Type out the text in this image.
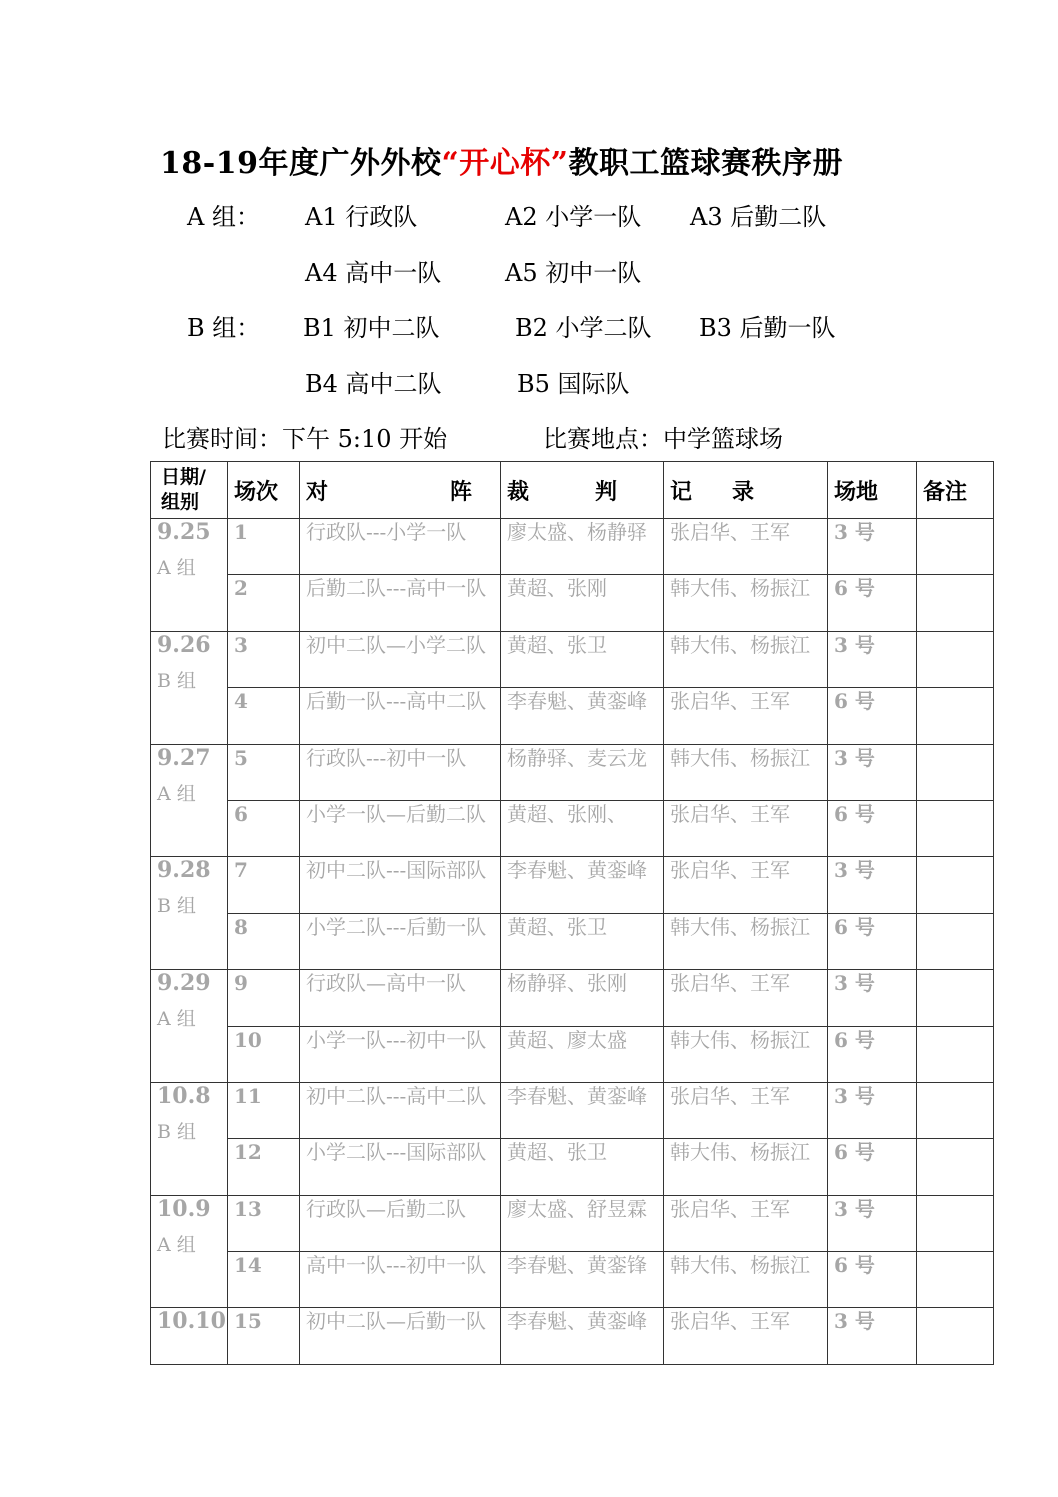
18-19年度广外外校“开心杯”教职工篮球赛秩序册
A 组： A1 行政队	A2 小学一队 A3 后勤二队
A4 高中一队	A5 初中一队
B 组： B1 初中二队	B2 小学二队 B3 后勤一队
B4 高中二队	B5 国际队
比赛时间：下午 5:10 开始	比赛地点：中学篮球场
日期/
组别	场次	对 阵	裁 判	记 录	场地	备注

9.25
A 组	1	行政队---小学一队	廖太盛、杨静驿	张启华、王军	3 号	
	2	后勤二队---高中一队	黄超、张刚	韩大伟、杨振江	6 号	

9.26
B 组	3	初中二队—小学二队	黄超、张卫	韩大伟、杨振江	3 号	
	4	后勤一队---高中二队	李春魁、黄銮峰	张启华、王军	6 号	

9.27
A 组	5	行政队---初中一队	杨静驿、麦云龙	韩大伟、杨振江	3 号	
	6	小学一队—后勤二队	黄超、张刚、	张启华、王军	6 号	

9.28
B 组	7	初中二队---国际部队	李春魁、黄銮峰	张启华、王军	3 号	
	8	小学二队---后勤一队	黄超、张卫	韩大伟、杨振江	6 号	

9.29
A 组	9	行政队—高中一队	杨静驿、张刚	张启华、王军	3 号	
	10	小学一队---初中一队	黄超、廖太盛	韩大伟、杨振江	6 号	

10.8
B 组	11	初中二队---高中二队	李春魁、黄銮峰	张启华、王军	3 号	
	12	小学二队---国际部队	黄超、张卫	韩大伟、杨振江	6 号	

10.9
A 组	13	行政队—后勤二队	廖太盛、舒昱霖	张启华、王军	3 号	
	14	高中一队---初中一队	李春魁、黄銮锋	韩大伟、杨振江	6 号	

10.10	15	初中二队—后勤一队	李春魁、黄銮峰	张启华、王军	3 号	
